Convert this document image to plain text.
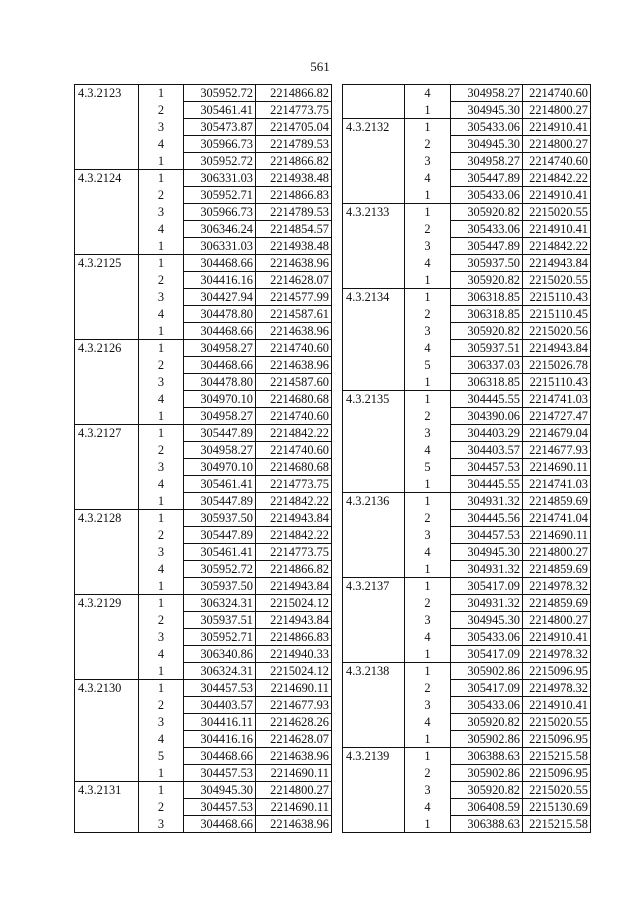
561
4.3.2123	1	305952.72	2214866.82
	2	305461.41	2214773.75
	3	305473.87	2214705.04
	4	305966.73	2214789.53
	1	305952.72	2214866.82
4.3.2124	1	306331.03	2214938.48
	2	305952.71	2214866.83
	3	305966.73	2214789.53
	4	306346.24	2214854.57
	1	306331.03	2214938.48
4.3.2125	1	304468.66	2214638.96
	2	304416.16	2214628.07
	3	304427.94	2214577.99
	4	304478.80	2214587.61
	1	304468.66	2214638.96
4.3.2126	1	304958.27	2214740.60
	2	304468.66	2214638.96
	3	304478.80	2214587.60
	4	304970.10	2214680.68
	1	304958.27	2214740.60
4.3.2127	1	305447.89	2214842.22
	2	304958.27	2214740.60
	3	304970.10	2214680.68
	4	305461.41	2214773.75
	1	305447.89	2214842.22
4.3.2128	1	305937.50	2214943.84
	2	305447.89	2214842.22
	3	305461.41	2214773.75
	4	305952.72	2214866.82
	1	305937.50	2214943.84
4.3.2129	1	306324.31	2215024.12
	2	305937.51	2214943.84
	3	305952.71	2214866.83
	4	306340.86	2214940.33
	1	306324.31	2215024.12
4.3.2130	1	304457.53	2214690.11
	2	304403.57	2214677.93
	3	304416.11	2214628.26
	4	304416.16	2214628.07
	5	304468.66	2214638.96
	1	304457.53	2214690.11
4.3.2131	1	304945.30	2214800.27
	2	304457.53	2214690.11
	3	304468.66	2214638.96
	4	304958.27	2214740.60
	1	304945.30	2214800.27
4.3.2132	1	305433.06	2214910.41
	2	304945.30	2214800.27
	3	304958.27	2214740.60
	4	305447.89	2214842.22
	1	305433.06	2214910.41
4.3.2133	1	305920.82	2215020.55
	2	305433.06	2214910.41
	3	305447.89	2214842.22
	4	305937.50	2214943.84
	1	305920.82	2215020.55
4.3.2134	1	306318.85	2215110.43
	2	306318.85	2215110.45
	3	305920.82	2215020.56
	4	305937.51	2214943.84
	5	306337.03	2215026.78
	1	306318.85	2215110.43
4.3.2135	1	304445.55	2214741.03
	2	304390.06	2214727.47
	3	304403.29	2214679.04
	4	304403.57	2214677.93
	5	304457.53	2214690.11
	1	304445.55	2214741.03
4.3.2136	1	304931.32	2214859.69
	2	304445.56	2214741.04
	3	304457.53	2214690.11
	4	304945.30	2214800.27
	1	304931.32	2214859.69
4.3.2137	1	305417.09	2214978.32
	2	304931.32	2214859.69
	3	304945.30	2214800.27
	4	305433.06	2214910.41
	1	305417.09	2214978.32
4.3.2138	1	305902.86	2215096.95
	2	305417.09	2214978.32
	3	305433.06	2214910.41
	4	305920.82	2215020.55
	1	305902.86	2215096.95
4.3.2139	1	306388.63	2215215.58
	2	305902.86	2215096.95
	3	305920.82	2215020.55
	4	306408.59	2215130.69
	1	306388.63	2215215.58
